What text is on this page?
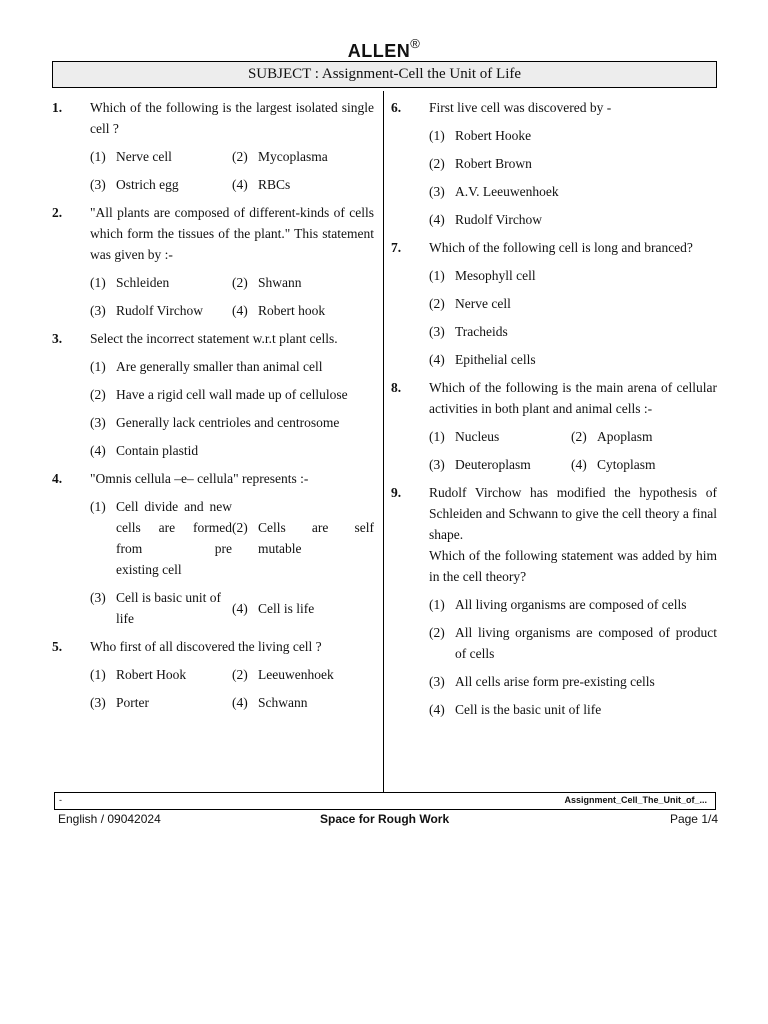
ALLEN®
SUBJECT : Assignment-Cell the Unit of Life
1.	Which of the following is the largest isolated single cell ?
(1) Nerve cell	(2) Mycoplasma
(3) Ostrich egg	(4) RBCs
2.	"All plants are composed of different-kinds of cells which form the tissues of the plant." This statement was given by :-
(1) Schleiden	(2) Shwann
(3) Rudolf Virchow	(4) Robert hook
3.	Select the incorrect statement w.r.t plant cells.
(1) Are generally smaller than animal cell
(2) Have a rigid cell wall made up of cellulose
(3) Generally lack centrioles and centrosome
(4) Contain plastid
4.	"Omnis cellula –e– cellula" represents :-
(1) Cell divide and new cells are formed from pre
existing cell
(2) Cells are self
mutable
(3) Cell is basic unit of life
(4) Cell is life
5.	Who first of all discovered the living cell ?
(1) Robert Hook	(2) Leeuwenhoek
(3) Porter	(4) Schwann
6.	First live cell was discovered by -
(1) Robert Hooke
(2) Robert Brown
(3) A.V. Leeuwenhoek
(4) Rudolf Virchow
7.	Which of the following cell is long and branced?
(1) Mesophyll cell
(2) Nerve cell
(3) Tracheids
(4) Epithelial cells
8.	Which of the following is the main arena of cellular activities in both plant and animal cells :-
(1) Nucleus	(2) Apoplasm
(3) Deuteroplasm	(4) Cytoplasm
9.	Rudolf Virchow has modified the hypothesis of Schleiden and Schwann to give the cell theory a final shape.
Which of the following statement was added by him in the cell theory?
(1) All living organisms are composed of cells
(2) All living organisms are composed of product of cells
(3) All cells arise form pre-existing cells
(4) Cell is the basic unit of life
-	Assignment_Cell_The_Unit_of_...
English / 09042024	Space for Rough Work	Page 1/4
